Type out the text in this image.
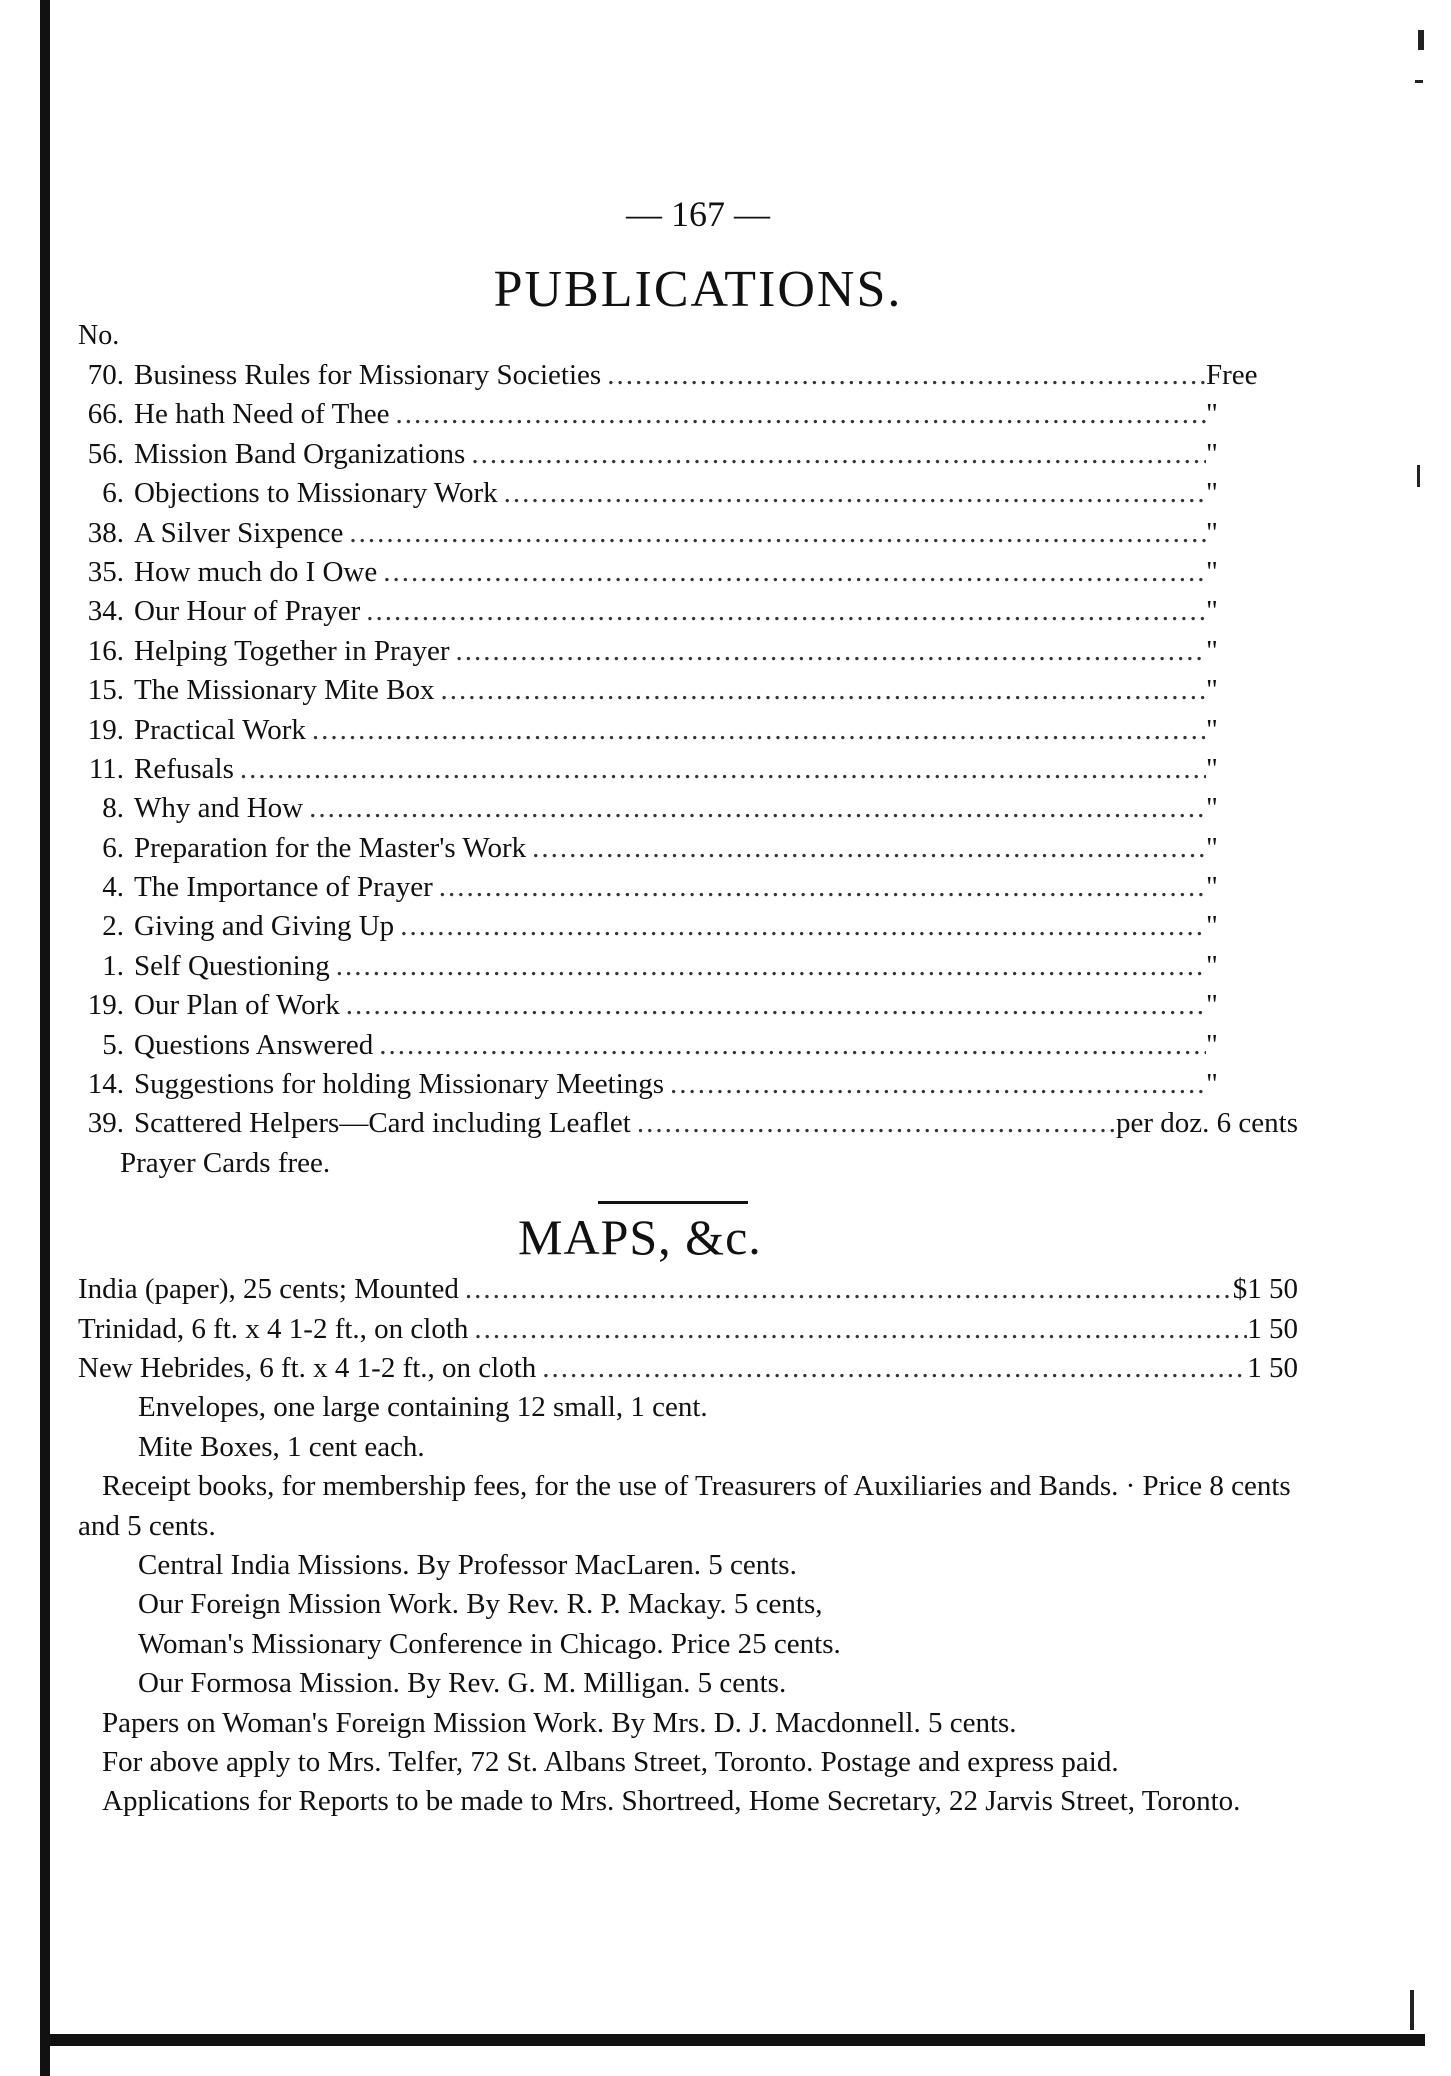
— 167 —
PUBLICATIONS.
No.
70. Business Rules for Missionary Societies .....	Free
66. He hath Need of Thee .....	"
56. Mission Band Organizations .....	"
6. Objections to Missionary Work .....	"
38. A Silver Sixpence .....	"
35. How much do I Owe .....	"
34. Our Hour of Prayer .....	"
16. Helping Together in Prayer .....	"
15. The Missionary Mite Box .....	"
19. Practical Work .....	"
11. Refusals .....	"
8. Why and How .....	"
6. Preparation for the Master's Work .....	"
4. The Importance of Prayer .....	"
2. Giving and Giving Up .....	"
1. Self Questioning .....	"
19. Our Plan of Work .....	"
5. Questions Answered .....	"
14. Suggestions for holding Missionary Meetings .....	"
39. Scattered Helpers—Card including Leaflet .....	per doz. 6 cents
Prayer Cards free.
MAPS, &c.
India (paper), 25 cents; Mounted .....	$1 50
Trinidad, 6 ft. x 4 1-2 ft., on cloth .....	1 50
New Hebrides, 6 ft. x 4 1-2 ft., on cloth .....	1 50

Envelopes, one large containing 12 small, 1 cent.

Mite Boxes, 1 cent each.

Receipt books, for membership fees, for the use of Treasurers of Auxiliaries and Bands. · Price 8 cents and 5 cents.

Central India Missions. By Professor MacLaren. 5 cents.

Our Foreign Mission Work. By Rev. R. P. Mackay. 5 cents,

Woman's Missionary Conference in Chicago. Price 25 cents.

Our Formosa Mission. By Rev. G. M. Milligan. 5 cents.

Papers on Woman's Foreign Mission Work. By Mrs. D. J. Macdonnell. 5 cents.

For above apply to Mrs. Telfer, 72 St. Albans Street, Toronto. Postage and express paid.

Applications for Reports to be made to Mrs. Shortreed, Home Secretary, 22 Jarvis Street, Toronto.
